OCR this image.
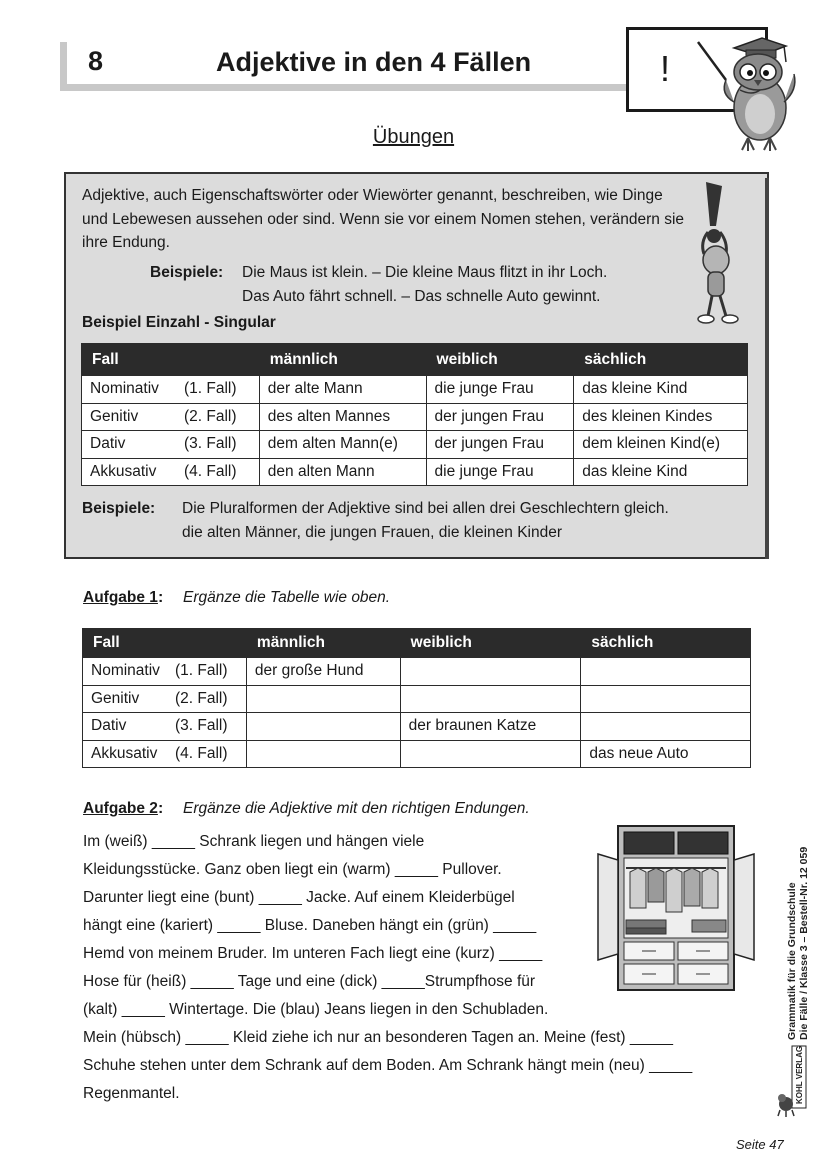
8	Adjektive in den 4 Fällen	!
Übungen
Adjektive, auch Eigenschaftswörter oder Wiewörter genannt, beschreiben, wie Dinge und Lebewesen aussehen oder sind. Wenn sie vor einem Nomen stehen, verändern sie ihre Endung.
Beispiele: Die Maus ist klein. – Die kleine Maus flitzt in ihr Loch.
Das Auto fährt schnell. – Das schnelle Auto gewinnt.
Beispiel Einzahl - Singular
Fall	männlich	weiblich	sächlich
Nominativ (1. Fall)	der alte Mann	die junge Frau	das kleine Kind
Genitiv (2. Fall)	des alten Mannes	der jungen Frau	des kleinen Kindes
Dativ (3. Fall)	dem alten Mann(e)	der jungen Frau	dem kleinen Kind(e)
Akkusativ (4. Fall)	den alten Mann	die junge Frau	das kleine Kind
Beispiele: Die Pluralformen der Adjektive sind bei allen drei Geschlechtern gleich.
die alten Männer, die jungen Frauen, die kleinen Kinder
Aufgabe 1: Ergänze die Tabelle wie oben.
Fall	männlich	weiblich	sächlich
Nominativ (1. Fall)	der große Hund		
Genitiv (2. Fall)			
Dativ (3. Fall)		der braunen Katze	
Akkusativ (4. Fall)			das neue Auto
Aufgabe 2: Ergänze die Adjektive mit den richtigen Endungen.
Im (weiß) _____ Schrank liegen und hängen viele
Kleidungsstücke. Ganz oben liegt ein (warm) _____ Pullover.
Darunter liegt eine (bunt) _____ Jacke. Auf einem Kleiderbügel
hängt eine (kariert) _____ Bluse. Daneben hängt ein (grün) _____
Hemd von meinem Bruder. Im unteren Fach liegt eine (kurz) _____
Hose für (heiß) _____ Tage und eine (dick) _____Strumpfhose für
(kalt) _____ Wintertage. Die (blau) Jeans liegen in den Schubladen.
Mein (hübsch) _____ Kleid ziehe ich nur an besonderen Tagen an. Meine (fest) _____
Schuhe stehen unter dem Schrank auf dem Boden. Am Schrank hängt mein (neu) _____
Regenmantel.
Grammatik für die Grundschule Die Fälle / Klasse 3 – Bestell-Nr. 12 059
KOHL VERLAG
Seite 47
